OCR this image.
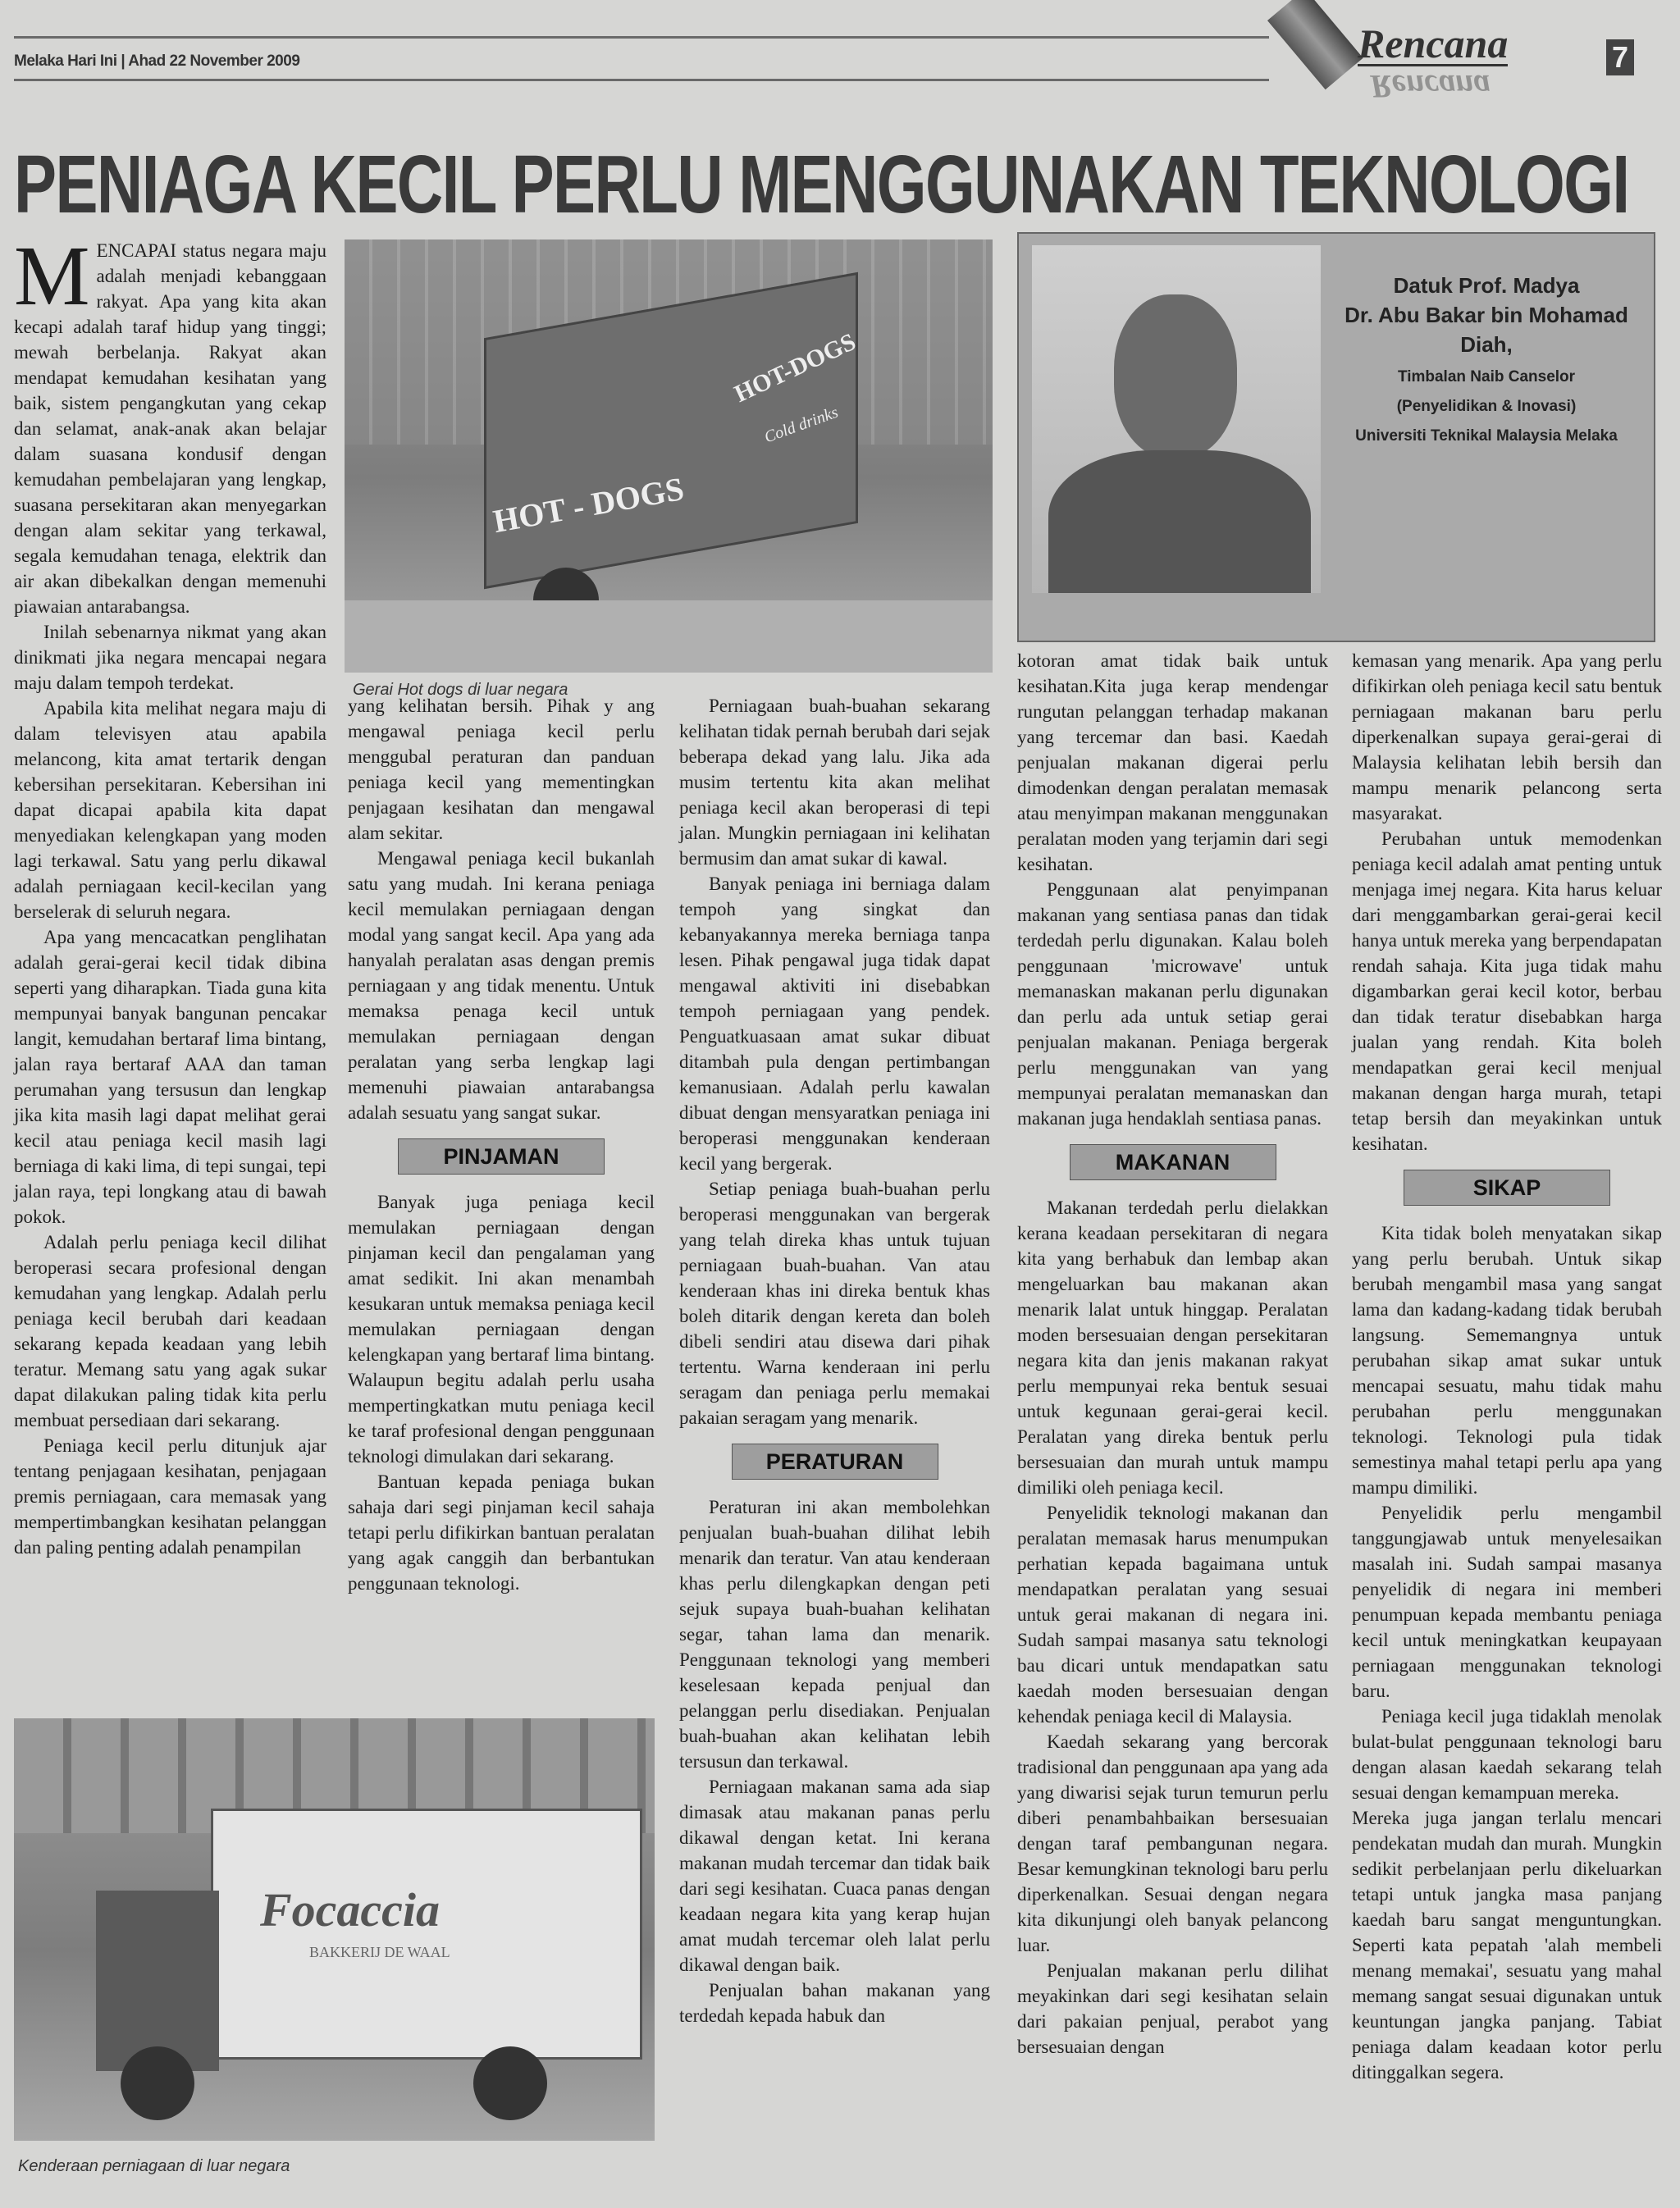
Melaka Hari Ini | Ahad 22 November 2009	Rencana
Rencana
7
PENIAGA KECIL PERLU MENGGUNAKAN TEKNOLOGI
HOT-DOGS
Cold drinks
HOT - DOGS
Gerai Hot dogs di luar negara
Datuk Prof. Madya
Dr. Abu Bakar bin Mohamad
Diah,
Timbalan Naib Canselor
(Penyelidikan & Inovasi)
Universiti Teknikal Malaysia Melaka

MENCAPAI status negara maju adalah menjadi kebanggaan rakyat. Apa yang kita akan kecapi adalah taraf hidup yang tinggi; mewah berbelanja. Rakyat akan mendapat kemudahan kesihatan yang baik, sistem pengangkutan yang cekap dan selamat, anak-anak akan belajar dalam suasana kondusif dengan kemudahan pembelajaran yang lengkap, suasana persekitaran akan menyegarkan dengan alam sekitar yang terkawal, segala kemudahan tenaga, elektrik dan air akan dibekalkan dengan memenuhi piawaian antarabangsa.

Inilah sebenarnya nikmat yang akan dinikmati jika negara mencapai negara maju dalam tempoh terdekat.

Apabila kita melihat negara maju di dalam televisyen atau apabila melancong, kita amat tertarik dengan kebersihan persekitaran. Kebersihan ini dapat dicapai apabila kita dapat menyediakan kelengkapan yang moden lagi terkawal. Satu yang perlu dikawal adalah perniagaan kecil-kecilan yang berselerak di seluruh negara.

Apa yang mencacatkan penglihatan adalah gerai-gerai kecil tidak dibina seperti yang diharapkan. Tiada guna kita mempunyai banyak bangunan pencakar langit, kemudahan bertaraf lima bintang, jalan raya bertaraf AAA dan taman perumahan yang tersusun dan lengkap jika kita masih lagi dapat melihat gerai kecil atau peniaga kecil masih lagi berniaga di kaki lima, di tepi sungai, tepi jalan raya, tepi longkang atau di bawah pokok.

Adalah perlu peniaga kecil dilihat beroperasi secara profesional dengan kemudahan yang lengkap. Adalah perlu peniaga kecil berubah dari keadaan sekarang kepada keadaan yang lebih teratur. Memang satu yang agak sukar dapat dilakukan paling tidak kita perlu membuat persediaan dari sekarang.

Peniaga kecil perlu ditunjuk ajar tentang penjagaan kesihatan, penjagaan premis perniagaan, cara memasak yang mempertimbangkan kesihatan pelanggan dan paling penting adalah penampilan

yang kelihatan bersih. Pihak y ang mengawal peniaga kecil perlu menggubal peraturan dan panduan peniaga kecil yang mementingkan penjagaan kesihatan dan mengawal alam sekitar.

Mengawal peniaga kecil bukanlah satu yang mudah. Ini kerana peniaga kecil memulakan perniagaan dengan modal yang sangat kecil. Apa yang ada hanyalah peralatan asas dengan premis perniagaan y ang tidak menentu. Untuk memaksa penaga kecil untuk memulakan perniagaan dengan peralatan yang serba lengkap lagi memenuhi piawaian antarabangsa adalah sesuatu yang sangat sukar.

PINJAMAN

Banyak juga peniaga kecil memulakan perniagaan dengan pinjaman kecil dan pengalaman yang amat sedikit. Ini akan menambah kesukaran untuk memaksa peniaga kecil memulakan perniagaan dengan kelengkapan yang bertaraf lima bintang. Walaupun begitu adalah perlu usaha mempertingkatkan mutu peniaga kecil ke taraf profesional dengan penggunaan teknologi dimulakan dari sekarang.

Bantuan kepada peniaga bukan sahaja dari segi pinjaman kecil sahaja tetapi perlu difikirkan bantuan peralatan yang agak canggih dan berbantukan penggunaan teknologi.

Perniagaan buah-buahan sekarang kelihatan tidak pernah berubah dari sejak beberapa dekad yang lalu. Jika ada musim tertentu kita akan melihat peniaga kecil akan beroperasi di tepi jalan. Mungkin perniagaan ini kelihatan bermusim dan amat sukar di kawal.

Banyak peniaga ini berniaga dalam tempoh yang singkat dan kebanyakannya mereka berniaga tanpa lesen. Pihak pengawal juga tidak dapat mengawal aktiviti ini disebabkan tempoh perniagaan yang pendek. Penguatkuasaan amat sukar dibuat ditambah pula dengan pertimbangan kemanusiaan. Adalah perlu kawalan dibuat dengan mensyaratkan peniaga ini beroperasi menggunakan kenderaan kecil yang bergerak.

Setiap peniaga buah-buahan perlu beroperasi menggunakan van bergerak yang telah direka khas untuk tujuan perniagaan buah-buahan. Van atau kenderaan khas ini direka bentuk khas boleh ditarik dengan kereta dan boleh dibeli sendiri atau disewa dari pihak tertentu. Warna kenderaan ini perlu seragam dan peniaga perlu memakai pakaian seragam yang menarik.

PERATURAN

Peraturan ini akan membolehkan penjualan buah-buahan dilihat lebih menarik dan teratur. Van atau kenderaan khas perlu dilengkapkan dengan peti sejuk supaya buah-buahan kelihatan segar, tahan lama dan menarik. Penggunaan teknologi yang memberi keselesaan kepada penjual dan pelanggan perlu disediakan. Penjualan buah-buahan akan kelihatan lebih tersusun dan terkawal.

Perniagaan makanan sama ada siap dimasak atau makanan panas perlu dikawal dengan ketat. Ini kerana makanan mudah tercemar dan tidak baik dari segi kesihatan. Cuaca panas dengan keadaan negara kita yang kerap hujan amat mudah tercemar oleh lalat perlu dikawal dengan baik.

Penjualan bahan makanan yang terdedah kepada habuk dan

kotoran amat tidak baik untuk kesihatan.Kita juga kerap mendengar rungutan pelanggan terhadap makanan yang tercemar dan basi. Kaedah penjualan makanan digerai perlu dimodenkan dengan peralatan memasak atau menyimpan makanan menggunakan peralatan moden yang terjamin dari segi kesihatan.

Penggunaan alat penyimpanan makanan yang sentiasa panas dan tidak terdedah perlu digunakan. Kalau boleh penggunaan 'microwave' untuk memanaskan makanan perlu digunakan dan perlu ada untuk setiap gerai penjualan makanan. Peniaga bergerak perlu menggunakan van yang mempunyai peralatan memanaskan dan makanan juga hendaklah sentiasa panas.

MAKANAN

Makanan terdedah perlu dielakkan kerana keadaan persekitaran di negara kita yang berhabuk dan lembap akan mengeluarkan bau makanan akan menarik lalat untuk hinggap. Peralatan moden bersesuaian dengan persekitaran negara kita dan jenis makanan rakyat perlu mempunyai reka bentuk sesuai untuk kegunaan gerai-gerai kecil. Peralatan yang direka bentuk perlu bersesuaian dan murah untuk mampu dimiliki oleh peniaga kecil.

Penyelidik teknologi makanan dan peralatan memasak harus menumpukan perhatian kepada bagaimana untuk mendapatkan peralatan yang sesuai untuk gerai makanan di negara ini. Sudah sampai masanya satu teknologi bau dicari untuk mendapatkan satu kaedah moden bersesuaian dengan kehendak peniaga kecil di Malaysia.

Kaedah sekarang yang bercorak tradisional dan penggunaan apa yang ada yang diwarisi sejak turun temurun perlu diberi penambahbaikan bersesuaian dengan taraf pembangunan negara. Besar kemungkinan teknologi baru perlu diperkenalkan. Sesuai dengan negara kita dikunjungi oleh banyak pelancong luar.

Penjualan makanan perlu dilihat meyakinkan dari segi kesihatan selain dari pakaian penjual, perabot yang bersesuaian dengan

kemasan yang menarik. Apa yang perlu difikirkan oleh peniaga kecil satu bentuk perniagaan makanan baru perlu diperkenalkan supaya gerai-gerai di Malaysia kelihatan lebih bersih dan mampu menarik pelancong serta masyarakat.

Perubahan untuk memodenkan peniaga kecil adalah amat penting untuk menjaga imej negara. Kita harus keluar dari menggambarkan gerai-gerai kecil hanya untuk mereka yang berpendapatan rendah sahaja. Kita juga tidak mahu digambarkan gerai kecil kotor, berbau dan tidak teratur disebabkan harga jualan yang rendah. Kita boleh mendapatkan gerai kecil menjual makanan dengan harga murah, tetapi tetap bersih dan meyakinkan untuk kesihatan.

SIKAP

Kita tidak boleh menyatakan sikap yang perlu berubah. Untuk sikap berubah mengambil masa yang sangat lama dan kadang-kadang tidak berubah langsung. Sememangnya untuk perubahan sikap amat sukar untuk mencapai sesuatu, mahu tidak mahu perubahan perlu menggunakan teknologi. Teknologi pula tidak semestinya mahal tetapi perlu apa yang mampu dimiliki.

Penyelidik perlu mengambil tanggungjawab untuk menyelesaikan masalah ini. Sudah sampai masanya penyelidik di negara ini memberi penumpuan kepada membantu peniaga kecil untuk meningkatkan keupayaan perniagaan menggunakan teknologi baru.

Peniaga kecil juga tidaklah menolak bulat-bulat penggunaan teknologi baru dengan alasan kaedah sekarang telah sesuai dengan kemampuan mereka.

Mereka juga jangan terlalu mencari pendekatan mudah dan murah. Mungkin sedikit perbelanjaan perlu dikeluarkan tetapi untuk jangka masa panjang kaedah baru sangat menguntungkan. Seperti kata pepatah 'alah membeli menang memakai', sesuatu yang mahal memang sangat sesuai digunakan untuk keuntungan jangka panjang. Tabiat peniaga dalam keadaan kotor perlu ditinggalkan segera.

Focaccia
BAKKERIJ DE WAAL
Kenderaan perniagaan di luar negara
